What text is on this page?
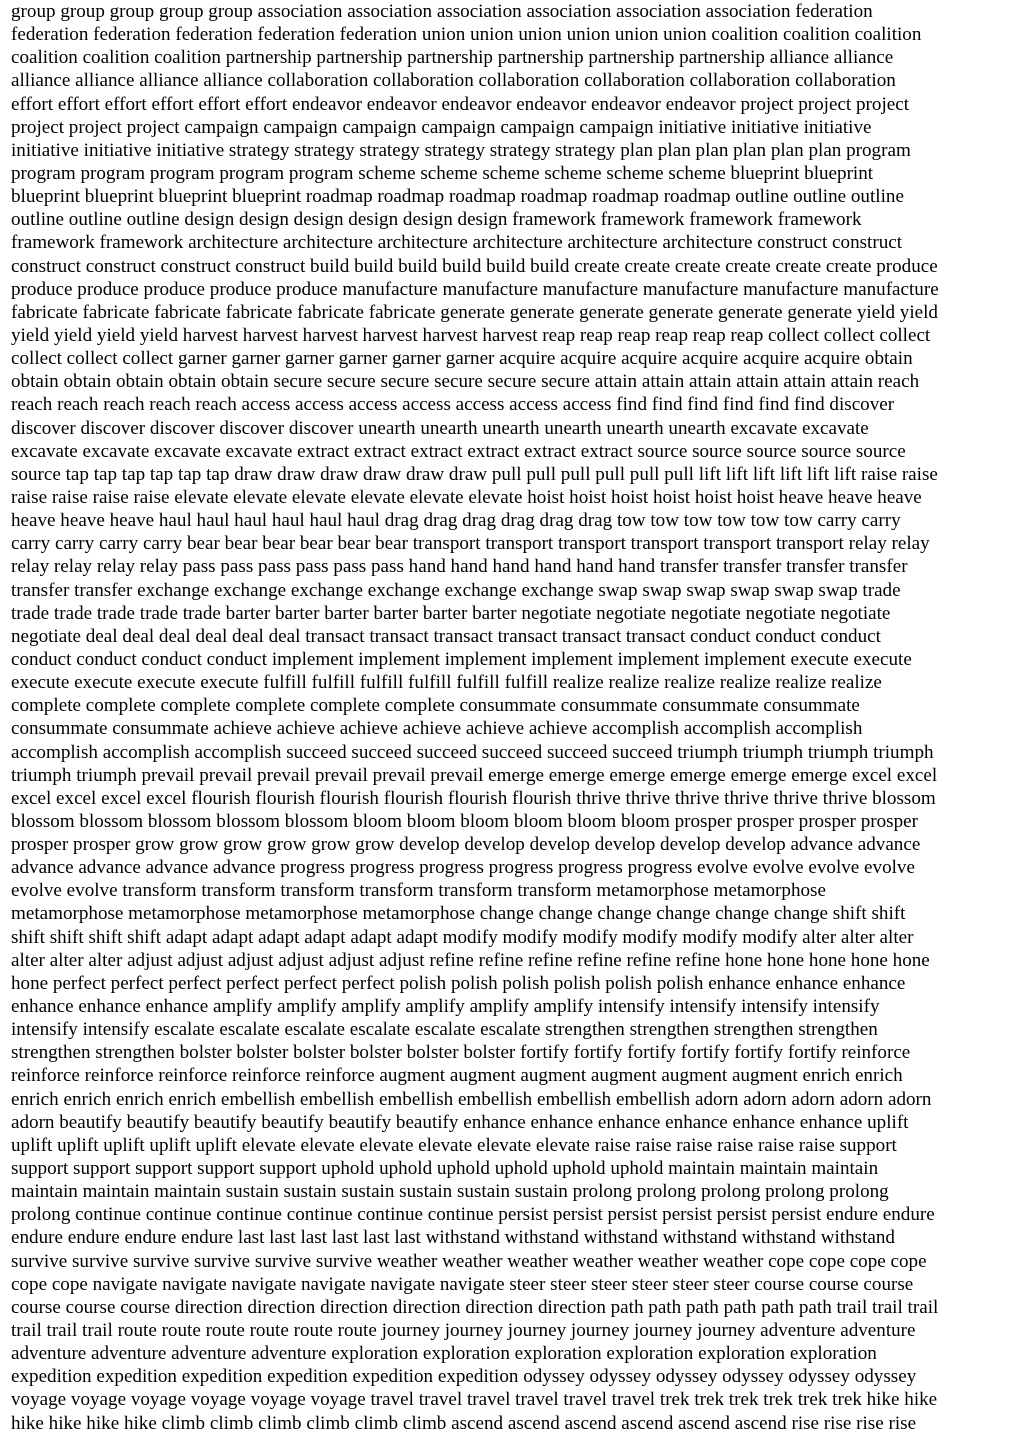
group group group group group association association association association association association federation
federation federation federation federation federation union union union union union union coalition coalition coalition
coalition coalition coalition partnership partnership partnership partnership partnership partnership alliance alliance
alliance alliance alliance alliance collaboration collaboration collaboration collaboration collaboration collaboration
effort effort effort effort effort effort endeavor endeavor endeavor endeavor endeavor endeavor project project project
project project project campaign campaign campaign campaign campaign campaign initiative initiative initiative
initiative initiative initiative strategy strategy strategy strategy strategy strategy plan plan plan plan plan plan program
program program program program program scheme scheme scheme scheme scheme scheme blueprint blueprint
blueprint blueprint blueprint blueprint roadmap roadmap roadmap roadmap roadmap roadmap outline outline outline
outline outline outline design design design design design design framework framework framework framework
framework framework architecture architecture architecture architecture architecture architecture construct construct
construct construct construct construct build build build build build build create create create create create create produce
produce produce produce produce produce manufacture manufacture manufacture manufacture manufacture manufacture
fabricate fabricate fabricate fabricate fabricate fabricate generate generate generate generate generate generate yield yield
yield yield yield yield harvest harvest harvest harvest harvest harvest reap reap reap reap reap reap collect collect collect
collect collect collect garner garner garner garner garner garner acquire acquire acquire acquire acquire acquire obtain
obtain obtain obtain obtain obtain secure secure secure secure secure secure attain attain attain attain attain attain reach
reach reach reach reach reach access access access access access access access find find find find find find discover
discover discover discover discover discover unearth unearth unearth unearth unearth unearth excavate excavate
excavate excavate excavate excavate extract extract extract extract extract extract source source source source source
source tap tap tap tap tap tap draw draw draw draw draw draw pull pull pull pull pull pull lift lift lift lift lift lift raise raise
raise raise raise raise elevate elevate elevate elevate elevate elevate hoist hoist hoist hoist hoist hoist heave heave heave
heave heave heave haul haul haul haul haul haul drag drag drag drag drag drag tow tow tow tow tow tow carry carry
carry carry carry carry bear bear bear bear bear bear transport transport transport transport transport transport relay relay
relay relay relay relay pass pass pass pass pass pass hand hand hand hand hand hand transfer transfer transfer transfer
transfer transfer exchange exchange exchange exchange exchange exchange swap swap swap swap swap swap trade
trade trade trade trade trade barter barter barter barter barter barter negotiate negotiate negotiate negotiate negotiate
negotiate deal deal deal deal deal deal transact transact transact transact transact transact conduct conduct conduct
conduct conduct conduct conduct implement implement implement implement implement implement execute execute
execute execute execute execute fulfill fulfill fulfill fulfill fulfill fulfill realize realize realize realize realize realize
complete complete complete complete complete complete consummate consummate consummate consummate
consummate consummate achieve achieve achieve achieve achieve achieve accomplish accomplish accomplish
accomplish accomplish accomplish succeed succeed succeed succeed succeed succeed triumph triumph triumph triumph
triumph triumph prevail prevail prevail prevail prevail prevail emerge emerge emerge emerge emerge emerge excel excel
excel excel excel excel flourish flourish flourish flourish flourish flourish thrive thrive thrive thrive thrive thrive blossom
blossom blossom blossom blossom blossom bloom bloom bloom bloom bloom bloom prosper prosper prosper prosper
prosper prosper grow grow grow grow grow grow develop develop develop develop develop develop advance advance
advance advance advance advance progress progress progress progress progress progress evolve evolve evolve evolve
evolve evolve transform transform transform transform transform transform metamorphose metamorphose
metamorphose metamorphose metamorphose metamorphose change change change change change change shift shift
shift shift shift shift adapt adapt adapt adapt adapt adapt modify modify modify modify modify modify alter alter alter
alter alter alter adjust adjust adjust adjust adjust adjust refine refine refine refine refine refine hone hone hone hone hone
hone perfect perfect perfect perfect perfect perfect polish polish polish polish polish polish enhance enhance enhance
enhance enhance enhance amplify amplify amplify amplify amplify amplify intensify intensify intensify intensify
intensify intensify escalate escalate escalate escalate escalate escalate strengthen strengthen strengthen strengthen
strengthen strengthen bolster bolster bolster bolster bolster bolster fortify fortify fortify fortify fortify fortify reinforce
reinforce reinforce reinforce reinforce reinforce augment augment augment augment augment augment enrich enrich
enrich enrich enrich enrich embellish embellish embellish embellish embellish embellish adorn adorn adorn adorn adorn
adorn beautify beautify beautify beautify beautify beautify enhance enhance enhance enhance enhance enhance uplift
uplift uplift uplift uplift uplift elevate elevate elevate elevate elevate elevate raise raise raise raise raise raise support
support support support support support uphold uphold uphold uphold uphold uphold maintain maintain maintain
maintain maintain maintain sustain sustain sustain sustain sustain sustain prolong prolong prolong prolong prolong
prolong continue continue continue continue continue continue persist persist persist persist persist persist endure endure
endure endure endure endure last last last last last last withstand withstand withstand withstand withstand withstand
survive survive survive survive survive survive weather weather weather weather weather weather cope cope cope cope
cope cope navigate navigate navigate navigate navigate navigate steer steer steer steer steer steer course course course
course course course direction direction direction direction direction direction path path path path path path trail trail trail
trail trail trail route route route route route route journey journey journey journey journey journey adventure adventure
adventure adventure adventure adventure exploration exploration exploration exploration exploration exploration
expedition expedition expedition expedition expedition expedition odyssey odyssey odyssey odyssey odyssey odyssey
voyage voyage voyage voyage voyage voyage travel travel travel travel travel travel trek trek trek trek trek trek hike hike
hike hike hike hike climb climb climb climb climb climb ascend ascend ascend ascend ascend ascend rise rise rise rise
